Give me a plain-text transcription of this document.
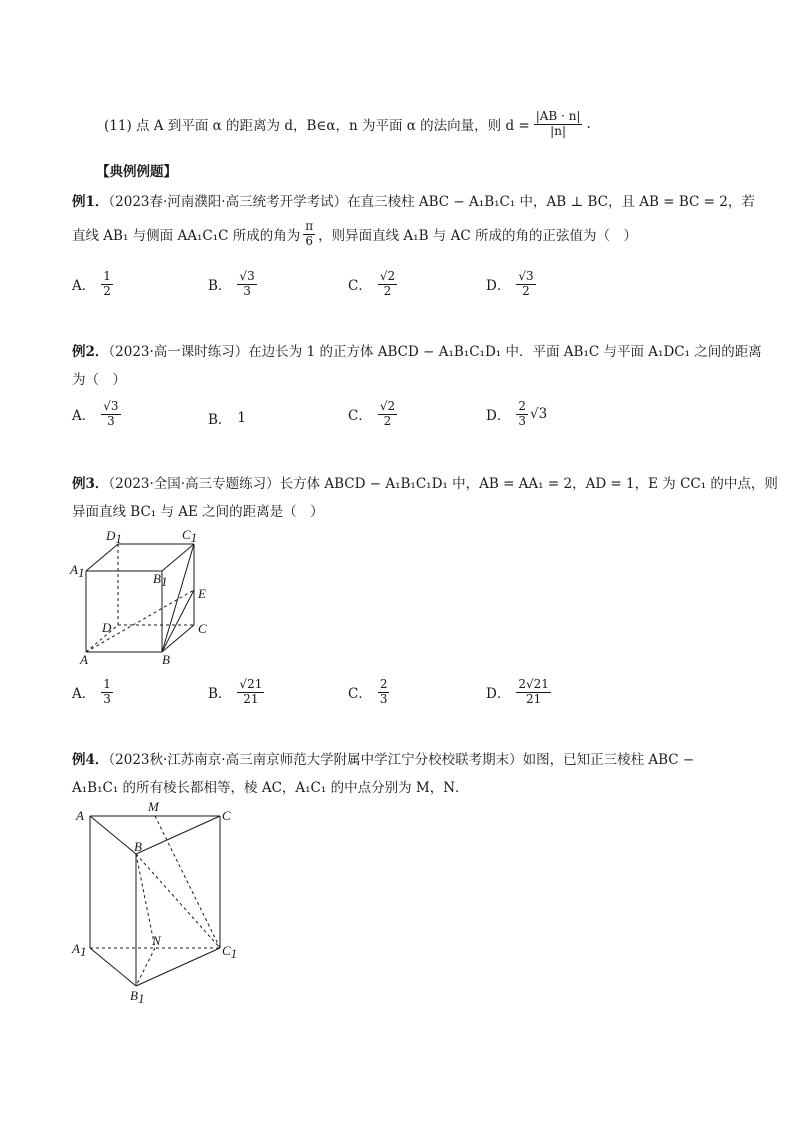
(11) 点 A 到平面 α 的距离为 d，B∈α，n 为平面 α 的法向量，则 $d = \frac{|AB \cdot n|}{|n|}$ .
【典例例题】
例1．（2023春·河南濮阳·高三统考开学考试）在直三棱柱 ABC − A₁B₁C₁ 中，AB ⊥ BC，且 AB = BC = 2，若
直线 AB₁ 与侧面 AA₁C₁C 所成的角为 $\frac{\pi}{6}$ ，则异面直线 A₁B 与 AC 所成的角的正弦值为（　）
A． $\frac{1}{2}$	B． $\frac{√3}{3}$	C． $\frac{√2}{2}$	D． $\frac{√3}{2}$
例2．（2023·高一课时练习）在边长为 1 的正方体 ABCD − A₁B₁C₁D₁ 中．平面 AB₁C 与平面 A₁DC₁ 之间的距离
为（　）
A． $\frac{√3}{3}$	B． 1	C． $\frac{√2}{2}$	D． $\frac{2}{3} √3$
例3．（2023·全国·高三专题练习）长方体 ABCD − A₁B₁C₁D₁ 中，AB = AA₁ = 2，AD = 1，E 为 CC₁ 的中点，则
异面直线 BC₁ 与 AE 之间的距离是（　）
D1	C1
A1	B1
E
D	C
A	B
A． $\frac{1}{3}$	B． $\frac{√21}{21}$	C． $\frac{2}{3}$	D． $\frac{2√21}{21}$
例4．（2023秋·江苏南京·高三南京师范大学附属中学江宁分校校联考期末）如图，已知正三棱柱 ABC −
A₁B₁C₁ 的所有棱长都相等，棱 AC，A₁C₁ 的中点分别为 M，N．
A
M
C
B
N
A1	C1
B1
